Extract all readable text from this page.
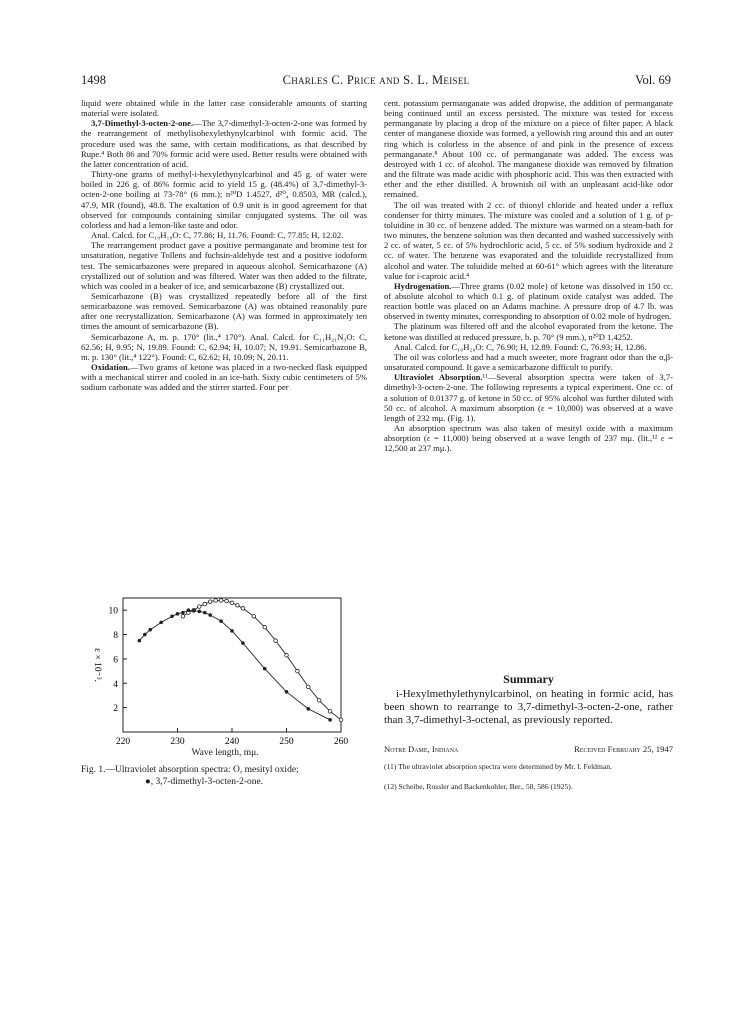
1498	Charles C. Price and S. L. Meisel	Vol. 69

liquid were obtained while in the latter case considerable amounts of starting material were isolated.

3,7-Dimethyl-3-octen-2-one.—The 3,7-dimethyl-3-octen-2-one was formed by the rearrangement of methylisohexylethynylcarbinol with formic acid. The procedure used was the same, with certain modifications, as that described by Rupe.⁴ Both 86 and 70% formic acid were used. Better results were obtained with the latter concentration of acid.

Thirty-one grams of methyl-i-hexylethynylcarbinol and 45 g. of water were boiled in 226 g. of 86% formic acid to yield 15 g. (48.4%) of 3,7-dimethyl-3-octen-2-one boiling at 73-78° (6 mm.); n²⁰D 1.4527, d²⁰₄ 0.8503, MR (calcd.), 47.9, MR (found), 48.8. The exaltation of 0.9 unit is in good agreement for that observed for compounds containing similar conjugated systems. The oil was colorless and had a lemon-like taste and odor.

Anal. Calcd. for C₁₀H₁₈O: C, 77.86; H, 11.76. Found: C, 77.85; H, 12.02.

The rearrangement product gave a positive permanganate and bromine test for unsaturation, negative Tollens and fuchsin-aldehyde test and a positive iodoform test. The semicarbazones were prepared in aqueous alcohol. Semicarbazone (A) crystallized out of solution and was filtered. Water was then added to the filtrate, which was cooled in a beaker of ice, and semicarbazone (B) crystallized out.

Semicarbazone (B) was crystallized repeatedly before all of the first semicarbazone was removed. Semicarbazone (A) was obtained reasonably pure after one recrystallization. Semicarbazone (A) was formed in approximately ten times the amount of semicarbazone (B).

Semicarbazone A, m. p. 170° (lit.,⁴ 170°). Anal. Calcd. for C₁₁H₂₁N₃O: C, 62.56; H, 9.95; N, 19.89. Found: C, 62.94; H, 10.07; N, 19.91. Semicarbazone B, m. p. 130° (lit.,⁴ 122°). Found: C, 62.62; H, 10.09; N, 20.11.

Oxidation.—Two grams of ketone was placed in a two-necked flask equipped with a mechanical stirrer and cooled in an ice-bath. Sixty cubic centimeters of 5% sodium carbonate was added and the stirrer started. Four per

cent. potassium permanganate was added dropwise, the addition of permanganate being continued until an excess persisted. The mixture was tested for excess permanganate by placing a drop of the mixture on a piece of filter paper. A black center of manganese dioxide was formed, a yellowish ring around this and an outer ring which is colorless in the absence of and pink in the presence of excess permanganate.⁸ About 100 cc. of permanganate was added. The excess was destroyed with 1 cc. of alcohol. The manganese dioxide was removed by filtration and the filtrate was made acidic with phosphoric acid. This was then extracted with ether and the ether distilled. A brownish oil with an unpleasant acid-like odor remained.

The oil was treated with 2 cc. of thionyl chloride and heated under a reflux condenser for thirty minutes. The mixture was cooled and a solution of 1 g. of p-toluidine in 30 cc. of benzene added. The mixture was warmed on a steam-bath for two minutes, the benzene solution was then decanted and washed successively with 2 cc. of water, 5 cc. of 5% hydrochloric acid, 5 cc. of 5% sodium hydroxide and 2 cc. of water. The benzene was evaporated and the toluidide recrystallized from alcohol and water. The toluidide melted at 60-61° which agrees with the literature value for i-caproic acid.⁴

Hydrogenation.—Three grams (0.02 mole) of ketone was dissolved in 150 cc. of absolute alcohol to which 0.1 g. of platinum oxide catalyst was added. The reaction bottle was placed on an Adams machine. A pressure drop of 4.7 lb. was observed in twenty minutes, corresponding to absorption of 0.02 mole of hydrogen.

The platinum was filtered off and the alcohol evaporated from the ketone. The ketone was distilled at reduced pressure, b. p. 70° (9 mm.), n²⁰D 1.4252.

Anal. Calcd. for C₁₀H₂₀O: C, 76.90; H, 12.89. Found: C, 76.93; H, 12.86.

The oil was colorless and had a much sweeter, more fragrant odor than the α,β-unsaturated compound. It gave a semicarbazone difficult to purify.

Ultraviolet Absorption.¹¹—Several absorption spectra were taken of 3,7-dimethyl-3-octen-2-one. The following represents a typical experiment. One cc. of a solution of 0.01377 g. of ketone in 50 cc. of 95% alcohol was further diluted with 50 cc. of alcohol. A maximum absorption (ε = 10,000) was observed at a wave length of 232 mμ. (Fig. 1).

An absorption spectrum was also taken of mesityl oxide with a maximum absorption (ε = 11,000) being observed at a wave length of 237 mμ. (lit.,¹² ε = 12,500 at 237 mμ.).

220	230	240	250	260
2
4
6
8
10
ε × 10⁻³.
Wave length, mμ.
Fig. 1.—Ultraviolet absorption spectra: O, mesityl oxide;
●, 3,7-dimethyl-3-octen-2-one.
Summary
i-Hexylmethylethynylcarbinol, on heating in formic acid, has been shown to rearrange to 3,7-dimethyl-3-octen-2-one, rather than 3,7-dimethyl-3-octenal, as previously reported.
Notre Dame, Indiana	Received February 25, 1947
(11) The ultraviolet absorption spectra were determined by Mr. I. Feldman.
(12) Scheibe, Rossler and Backenkohler, Ber., 58, 586 (1925).
